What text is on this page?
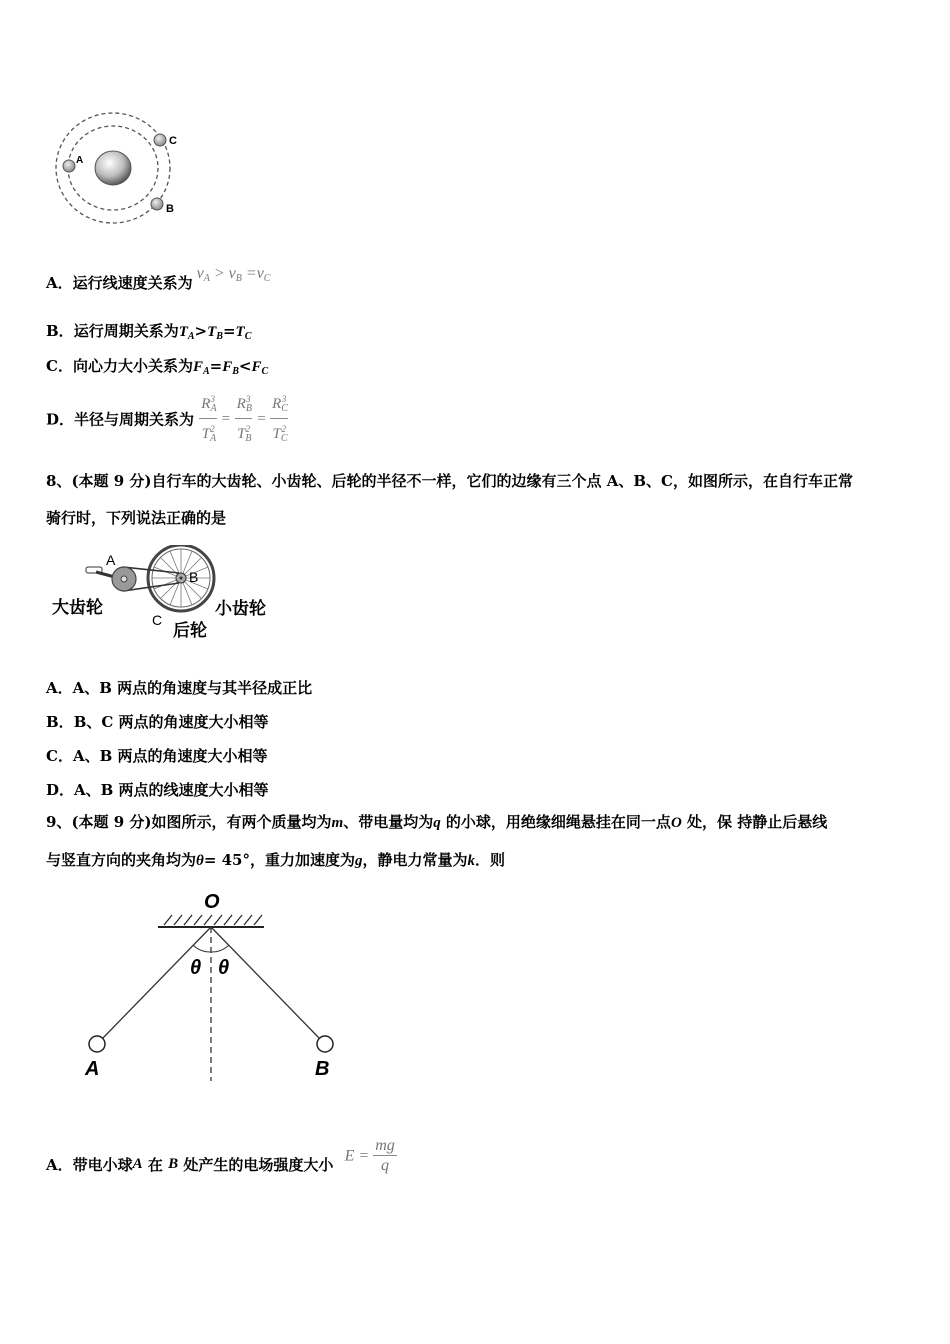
A
C
B
A．运行线速度关系为 $v_A > v_B =v_C$
B．运行周期关系为$T_A>T_B=T_C$
C．向心力大小关系为$F_A=F_B<F_C$
D．半径与周期关系为 $\frac{R_A^3}{T_A^2} = \frac{R_B^3}{T_B^2} = \frac{R_C^3}{T_C^2}$
8、(本题 9 分)自行车的大齿轮、小齿轮、后轮的半径不一样，它们的边缘有三个点 A、B、C，如图所示，在自行车正常
骑行时，下列说法正确的是
A
B
C
大齿轮
后轮
小齿轮
A．A、B 两点的角速度与其半径成正比
B．B、C 两点的角速度大小相等
C．A、B 两点的角速度大小相等
D．A、B 两点的线速度大小相等
9、(本题 9 分)如图所示，有两个质量均为m、带电量均为q 的小球，用绝缘细绳悬挂在同一点O 处，保 持静止后悬线
与竖直方向的夹角均为θ= 45°，重力加速度为g，静电力常量为k．则
O
θ θ
A	B
A．带电小球A 在 B 处产生的电场强度大小 $E = \frac{mg}{q}$
